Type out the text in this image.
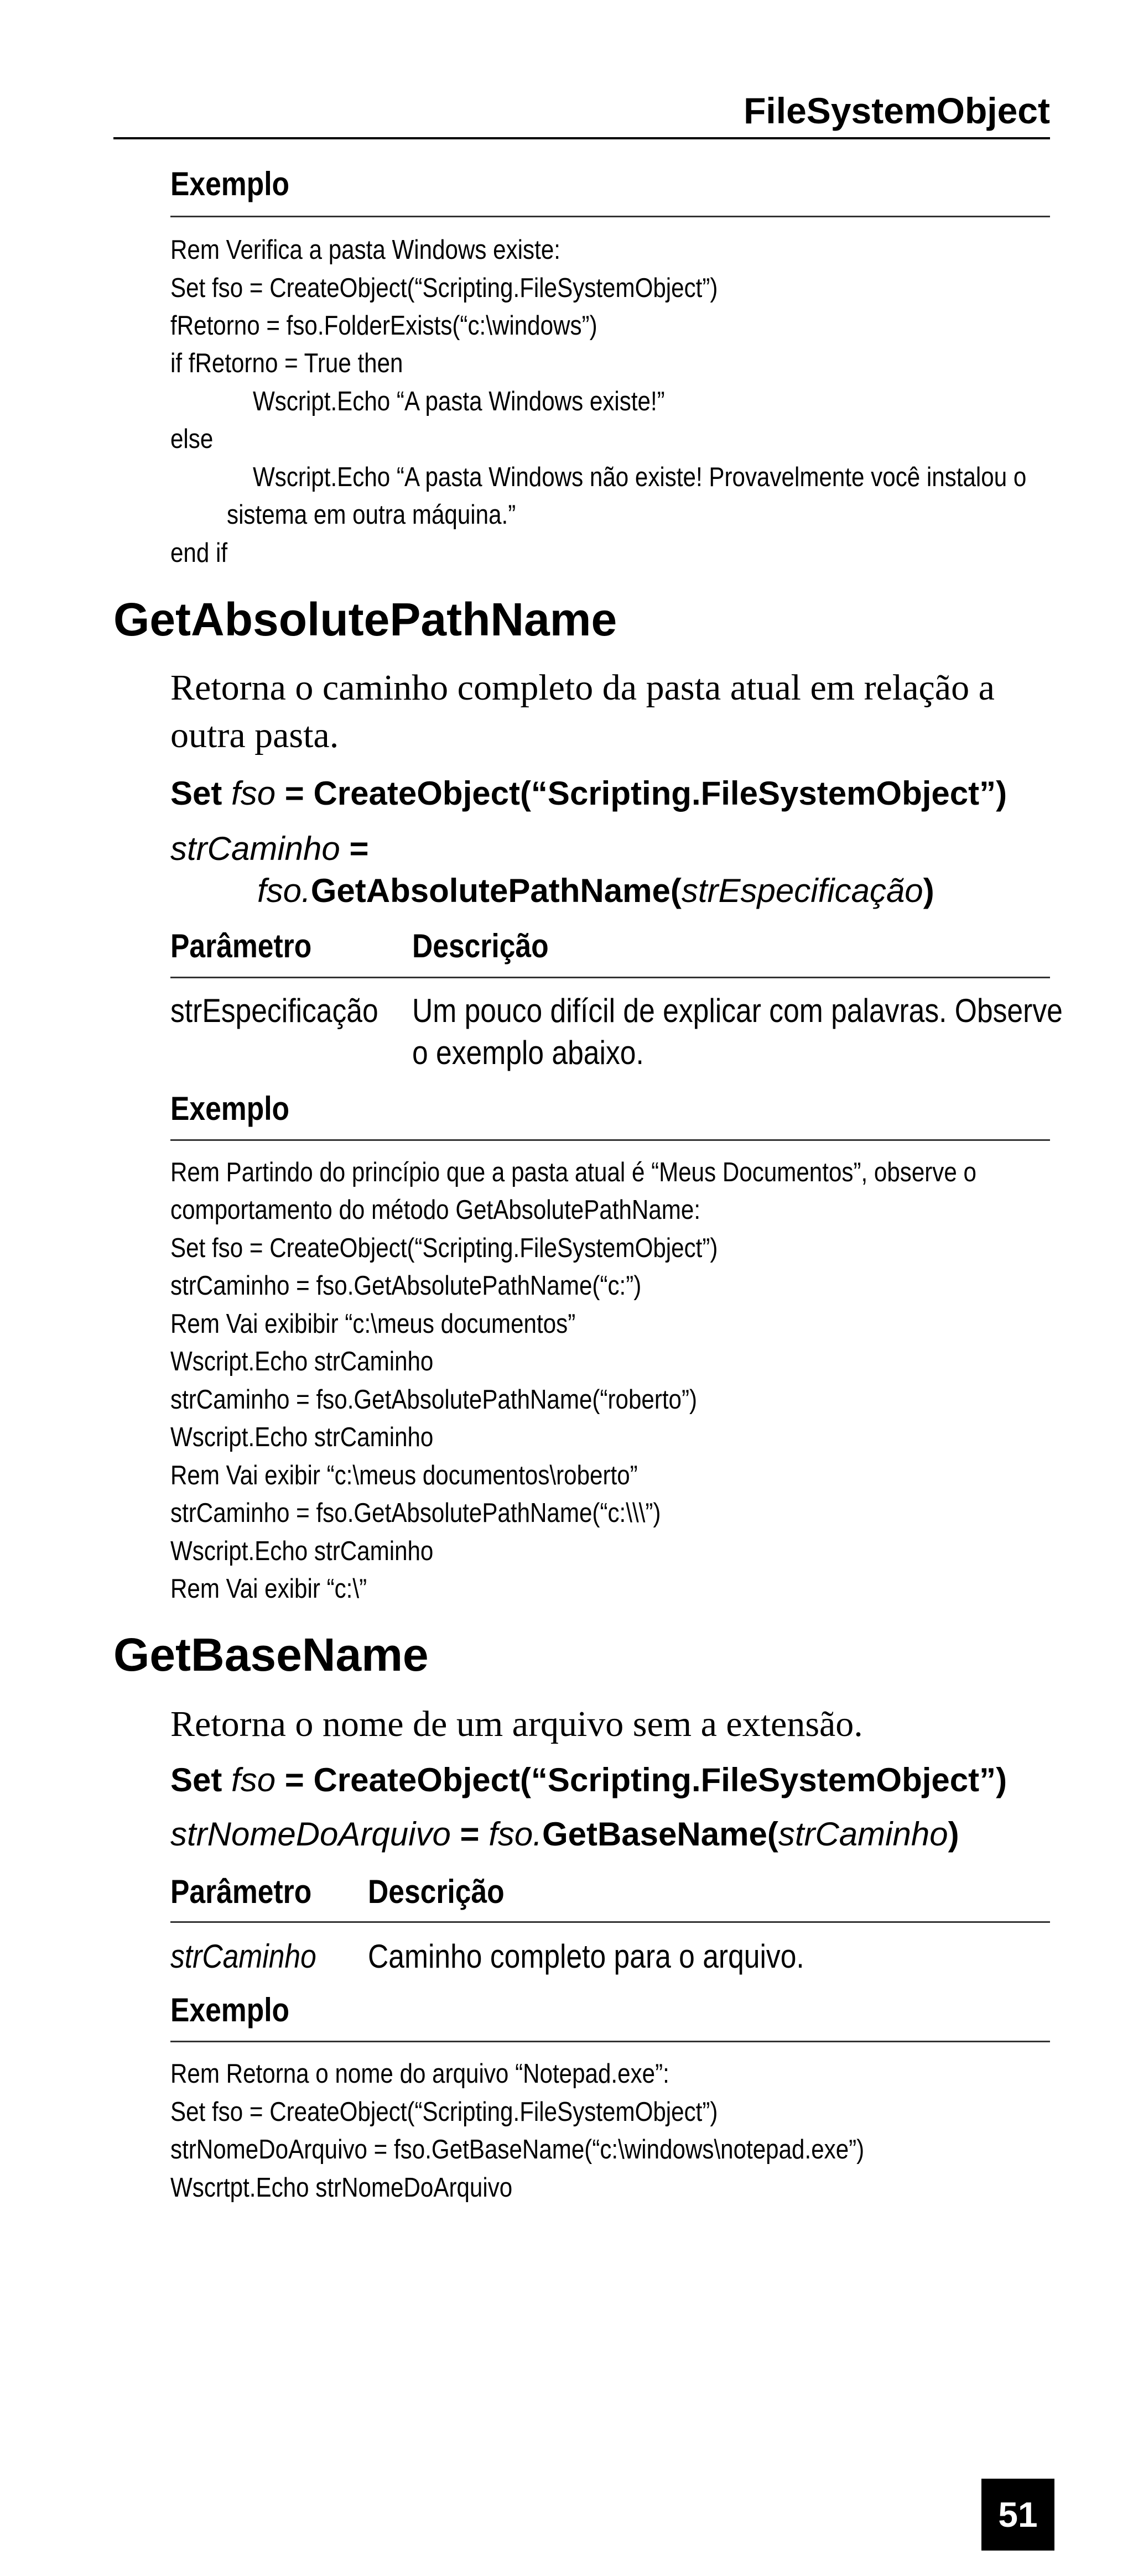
FileSystemObject
Exemplo
Rem Verifica a pasta Windows existe:
Set fso = CreateObject(“Scripting.FileSystemObject”)
fRetorno = fso.FolderExists(“c:\windows”)
if fRetorno = True then
Wscript.Echo “A pasta Windows existe!”
else
Wscript.Echo “A pasta Windows não existe! Provavelmente você instalou o
sistema em outra máquina.”
end if
GetAbsolutePathName
Retorna o caminho completo da pasta atual em relação a
outra pasta.
Set fso = CreateObject(“Scripting.FileSystemObject”)
strCaminho =
fso.GetAbsolutePathName(strEspecificação)
Parâmetro	Descrição
strEspecificação Um pouco difícil de explicar com palavras. Observe
o exemplo abaixo.
Exemplo
Rem Partindo do princípio que a pasta atual é “Meus Documentos”, observe o
comportamento do método GetAbsolutePathName:
Set fso = CreateObject(“Scripting.FileSystemObject”)
strCaminho = fso.GetAbsolutePathName(“c:”)
Rem Vai exibibir “c:\meus documentos”
Wscript.Echo strCaminho
strCaminho = fso.GetAbsolutePathName(“roberto”)
Wscript.Echo strCaminho
Rem Vai exibir “c:\meus documentos\roberto”
strCaminho = fso.GetAbsolutePathName(“c:\\\”)
Wscript.Echo strCaminho
Rem Vai exibir “c:\”
GetBaseName
Retorna o nome de um arquivo sem a extensão.
Set fso = CreateObject(“Scripting.FileSystemObject”)
strNomeDoArquivo = fso.GetBaseName(strCaminho)
Parâmetro Descrição
strCaminho Caminho completo para o arquivo.
Exemplo
Rem Retorna o nome do arquivo “Notepad.exe”:
Set fso = CreateObject(“Scripting.FileSystemObject”)
strNomeDoArquivo = fso.GetBaseName(“c:\windows\notepad.exe”)
Wscrtpt.Echo strNomeDoArquivo
51
